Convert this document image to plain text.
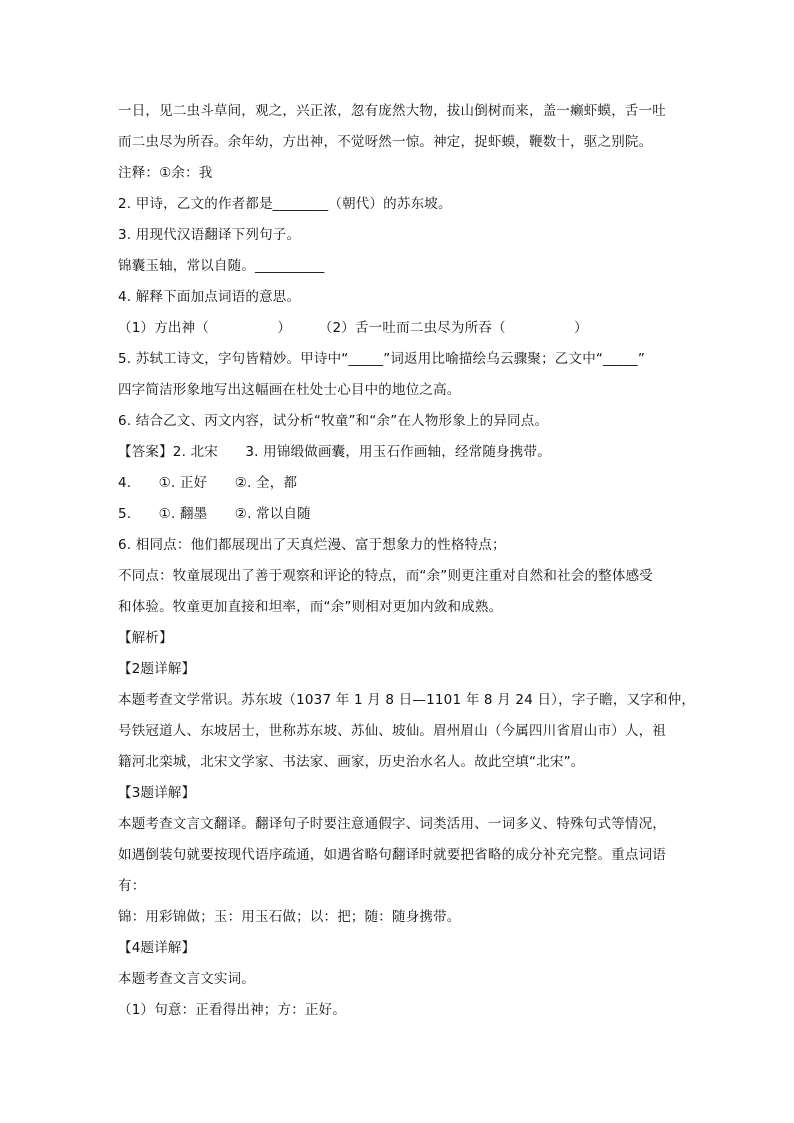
一日，见二虫斗草间，观之，兴正浓，忽有庞然大物，拔山倒树而来，盖一癞虾蟆，舌一吐
而二虫尽为所吞。余年幼，方出神，不觉呀然一惊。神定，捉虾蟆，鞭数十，驱之别院。
注释：①余：我
2. 甲诗，乙文的作者都是________（朝代）的苏东坡。
3. 用现代汉语翻译下列句子。
锦囊玉轴，常以自随。__________
4. 解释下面加点词语的意思。
（1）方出神（　　　　　）　　　（2）舌一吐而二虫尽为所吞（　　　　　）
5. 苏轼工诗文，字句皆精妙。甲诗中“_____”词返用比喻描绘乌云骤聚；乙文中“_____”
四字简洁形象地写出这幅画在杜处士心目中的地位之高。
6. 结合乙文、丙文内容，试分析“牧童”和“余”在人物形象上的异同点。
【答案】2. 北宋　　3. 用锦缎做画囊，用玉石作画轴，经常随身携带。
4.　　①. 正好　　②. 全，都
5.　　①. 翻墨　　②. 常以自随
6. 相同点：他们都展现出了天真烂漫、富于想象力的性格特点；
不同点：牧童展现出了善于观察和评论的特点，而“余”则更注重对自然和社会的整体感受
和体验。牧童更加直接和坦率，而“余”则相对更加内敛和成熟。
【解析】
【2题详解】
本题考查文学常识。苏东坡（1037 年 1 月 8 日—1101 年 8 月 24 日），字子瞻，又字和仲，
号铁冠道人、东坡居士，世称苏东坡、苏仙、坡仙。眉州眉山（今属四川省眉山市）人，祖
籍河北栾城，北宋文学家、书法家、画家，历史治水名人。故此空填“北宋”。
【3题详解】
本题考查文言文翻译。翻译句子时要注意通假字、词类活用、一词多义、特殊句式等情况，
如遇倒装句就要按现代语序疏通，如遇省略句翻译时就要把省略的成分补充完整。重点词语
有：
锦：用彩锦做；玉：用玉石做；以：把；随：随身携带。
【4题详解】
本题考查文言文实词。
（1）句意：正看得出神；方：正好。
